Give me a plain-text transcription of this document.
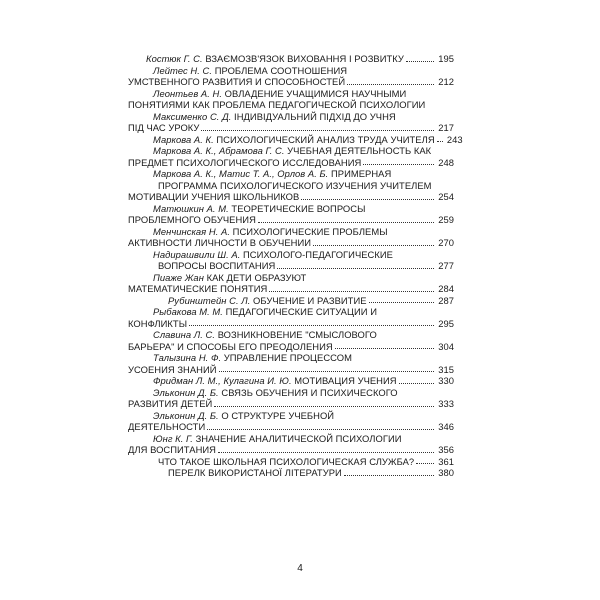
Костюк Г. С.
ВЗАЄМОЗВ'ЯЗОК ВИХОВАННЯ І РОЗВИТКУ	195
Лейтес Н. С.
ПРОБЛЕМА СООТНОШЕНИЯ
УМСТВЕННОГО РАЗВИТИЯ И СПОСОБНОСТЕЙ	212
Леонтьев А. Н.
ОВЛАДЕНИЕ УЧАЩИМИСЯ НАУЧНЫМИ
ПОНЯТИЯМИ КАК ПРОБЛЕМА ПЕДАГОГИЧЕСКОЙ ПСИХОЛОГИИ
Максименко С. Д.
ІНДИВІДУАЛЬНИЙ ПІДХІД ДО УЧНЯ
ПІД ЧАС УРОКУ	217
Маркова А. К.
ПСИХОЛОГИЧЕСКИЙ АНАЛИЗ ТРУДА УЧИТЕЛЯ 243
Маркова А. К., Абрамова Г. С.
УЧЕБНАЯ ДЕЯТЕЛЬНОСТЬ КАК
ПРЕДМЕТ ПСИХОЛОГИЧЕСКОГО ИССЛЕДОВАНИЯ	248
Маркова А. К., Матис Т. А., Орлов А. Б.
ПРИМЕРНАЯ
ПРОГРАММА ПСИХОЛОГИЧЕСКОГО ИЗУЧЕНИЯ УЧИТЕЛЕМ
МОТИВАЦИИ УЧЕНИЯ ШКОЛЬНИКОВ	254
Матюшкин А. М.
ТЕОРЕТИЧЕСКИЕ ВОПРОСЫ
ПРОБЛЕМНОГО ОБУЧЕНИЯ	259
Менчинская Н. А.
ПСИХОЛОГИЧЕСКИЕ ПРОБЛЕМЫ
АКТИВНОСТИ ЛИЧНОСТИ В ОБУЧЕНИИ	270
Надирашвили Ш. А.
ПСИХОЛОГО-ПЕДАГОГИЧЕСКИЕ
ВОПРОСЫ ВОСПИТАНИЯ	277
Пиаже Жан
КАК ДЕТИ ОБРАЗУЮТ
МАТЕМАТИЧЕСКИЕ ПОНЯТИЯ	284
Рубинштейн С. Л.
ОБУЧЕНИЕ И РАЗВИТИЕ	287
Рыбакова М. М.
ПЕДАГОГИЧЕСКИЕ СИТУАЦИИ И
КОНФЛИКТЫ	295
Славина Л. С.
ВОЗНИКНОВЕНИЕ "СМЫСЛОВОГО
БАРЬЕРА" И СПОСОБЫ ЕГО ПРЕОДОЛЕНИЯ	304
Талызина Н. Ф.
УПРАВЛЕНИЕ ПРОЦЕССОМ
УСОЕНИЯ ЗНАНИЙ	315
Фридман Л. М., Кулагина И. Ю.
МОТИВАЦИЯ УЧЕНИЯ	330
Эльконин Д. Б.
СВЯЗЬ ОБУЧЕНИЯ И ПСИХИЧЕСКОГО
РАЗВИТИЯ ДЕТЕЙ	333
Эльконин Д. Б.
О СТРУКТУРЕ УЧЕБНОЙ
ДЕЯТЕЛЬНОСТИ	346
Юнг К. Г.
ЗНАЧЕНИЕ АНАЛИТИЧЕСКОЙ ПСИХОЛОГИИ
ДЛЯ ВОСПИТАНИЯ	356
ЧТО ТАКОЕ ШКОЛЬНАЯ ПСИХОЛОГИЧЕСКАЯ СЛУЖБА?	361
ПЕРЕЛК ВИКОРИСТАНОЇ ЛІТЕРАТУРИ	380
4
